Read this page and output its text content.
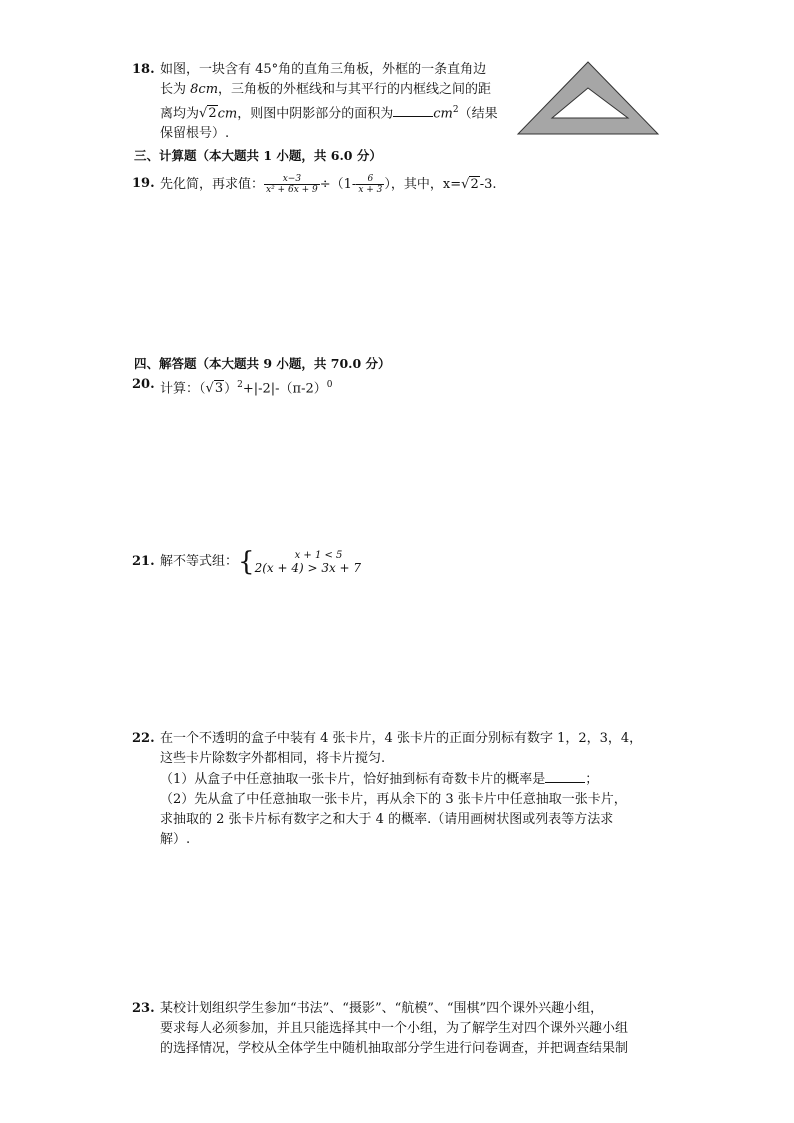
18. 如图，一块含有 45°角的直角三角板，外框的一条直角边
长为 8cm，三角板的外框线和与其平行的内框线之间的距
离均为√2cm，则图中阴影部分的面积为	$cm^2$（结果
保留根号）.
三、计算题（本大题共 1 小题，共 6.0 分）
19. 先化简，再求值： $\frac{x-3}{\text{x² + 6x + 9}} \div(1- \frac{6}{x + 3}$ ），其中，x=√2-3.
四、解答题（本大题共 9 小题，共 70.0 分）
20. 计算：$(√3)^2+|-2|-(\pi-2)^0$
21. 解不等式组：{	x + 1 < 5
2(x + 4) > 3x + 7
22. 在一个不透明的盒子中装有 4 张卡片，4 张卡片的正面分别标有数字 1，2，3，4，
这些卡片除数字外都相同，将卡片搅匀.
（1）从盒子中任意抽取一张卡片，恰好抽到标有奇数卡片的概率是	；
（2）先从盒了中任意抽取一张卡片，再从余下的 3 张卡片中任意抽取一张卡片，
求抽取的 2 张卡片标有数字之和大于 4 的概率.（请用画树状图或列表等方法求
解）.
23. 某校计划组织学生参加“书法”、“摄影”、“航模”、“围棋”四个课外兴趣小组，
要求每人必须参加，并且只能选择其中一个小组，为了解学生对四个课外兴趣小组
的选择情况，学校从全体学生中随机抽取部分学生进行问卷调查，并把调查结果制
